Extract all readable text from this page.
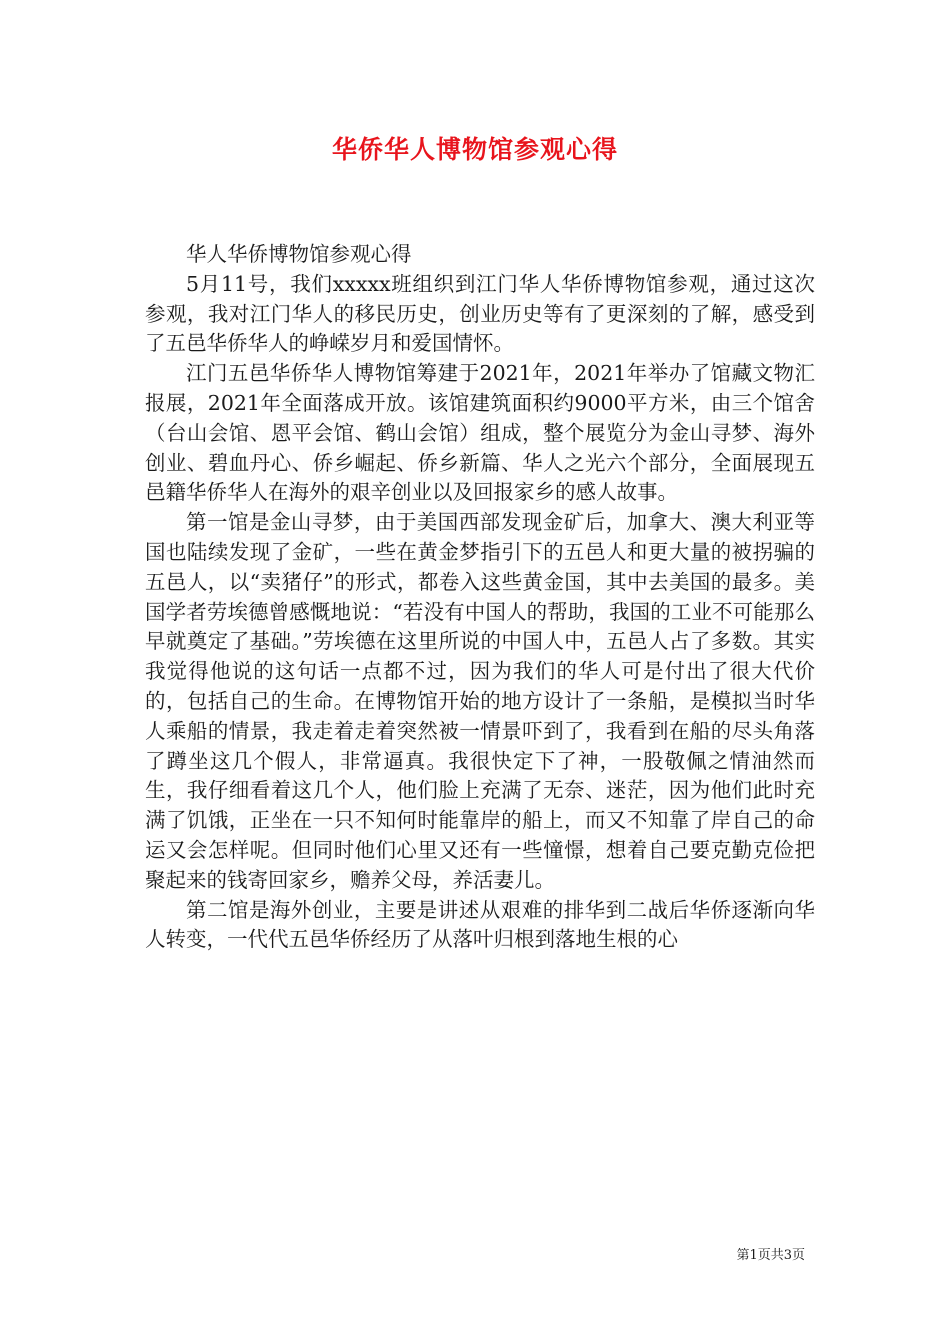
华侨华人博物馆参观心得

华人华侨博物馆参观心得

5月11号，我们xxxxx班组织到江门华人华侨博物馆参观，通过这次参观，我对江门华人的移民历史，创业历史等有了更深刻的了解，感受到了五邑华侨华人的峥嵘岁月和爱国情怀。

江门五邑华侨华人博物馆筹建于2021年，2021年举办了馆藏文物汇报展，2021年全面落成开放。该馆建筑面积约9000平方米，由三个馆舍（台山会馆、恩平会馆、鹤山会馆）组成，整个展览分为金山寻梦、海外创业、碧血丹心、侨乡崛起、侨乡新篇、华人之光六个部分，全面展现五邑籍华侨华人在海外的艰辛创业以及回报家乡的感人故事。

第一馆是金山寻梦，由于美国西部发现金矿后，加拿大、澳大利亚等国也陆续发现了金矿，一些在黄金梦指引下的五邑人和更大量的被拐骗的五邑人，以“卖猪仔”的形式，都卷入这些黄金国，其中去美国的最多。美国学者劳埃德曾感慨地说：“若没有中国人的帮助，我国的工业不可能那么早就奠定了基础。”劳埃德在这里所说的中国人中，五邑人占了多数。其实我觉得他说的这句话一点都不过，因为我们的华人可是付出了很大代价的，包括自己的生命。在博物馆开始的地方设计了一条船，是模拟当时华人乘船的情景，我走着走着突然被一情景吓到了，我看到在船的尽头角落了蹲坐这几个假人，非常逼真。我很快定下了神，一股敬佩之情油然而生，我仔细看着这几个人，他们脸上充满了无奈、迷茫，因为他们此时充满了饥饿，正坐在一只不知何时能靠岸的船上，而又不知靠了岸自己的命运又会怎样呢。但同时他们心里又还有一些憧憬，想着自己要克勤克俭把聚起来的钱寄回家乡，赡养父母，养活妻儿。

第二馆是海外创业，主要是讲述从艰难的排华到二战后华侨逐渐向华人转变，一代代五邑华侨经历了从落叶归根到落地生根的心

第1页共3页
